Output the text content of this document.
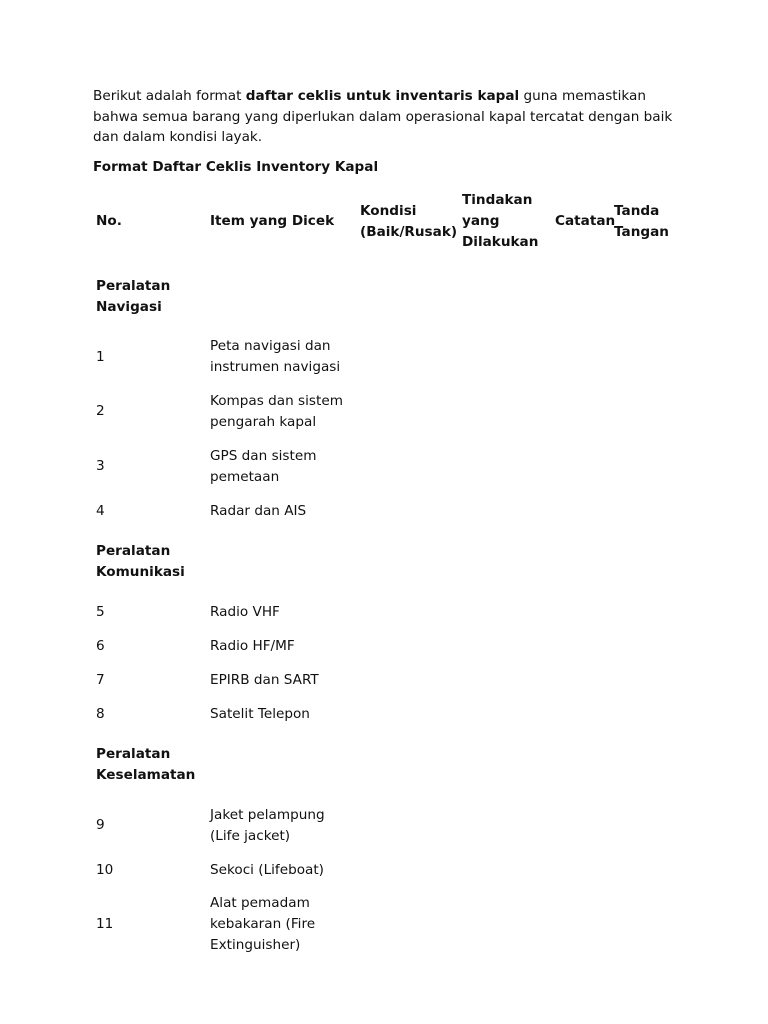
Berikut adalah format daftar ceklis untuk inventaris kapal guna memastikan bahwa semua barang yang diperlukan dalam operasional kapal tercatat dengan baik dan dalam kondisi layak.

Format Daftar Ceklis Inventory Kapal

No.	Item yang Dicek	Kondisi (Baik/Rusak)	Tindakan yang Dilakukan	Catatan	Tanda Tangan
Peralatan Navigasi					
1	Peta navigasi dan instrumen navigasi				
2	Kompas dan sistem pengarah kapal				
3	GPS dan sistem pemetaan				
4	Radar dan AIS				
Peralatan Komunikasi					
5	Radio VHF				
6	Radio HF/MF				
7	EPIRB dan SART				
8	Satelit Telepon				
Peralatan Keselamatan					
9	Jaket pelampung (Life jacket)				
10	Sekoci (Lifeboat)				
11	Alat pemadam kebakaran (Fire Extinguisher)				
